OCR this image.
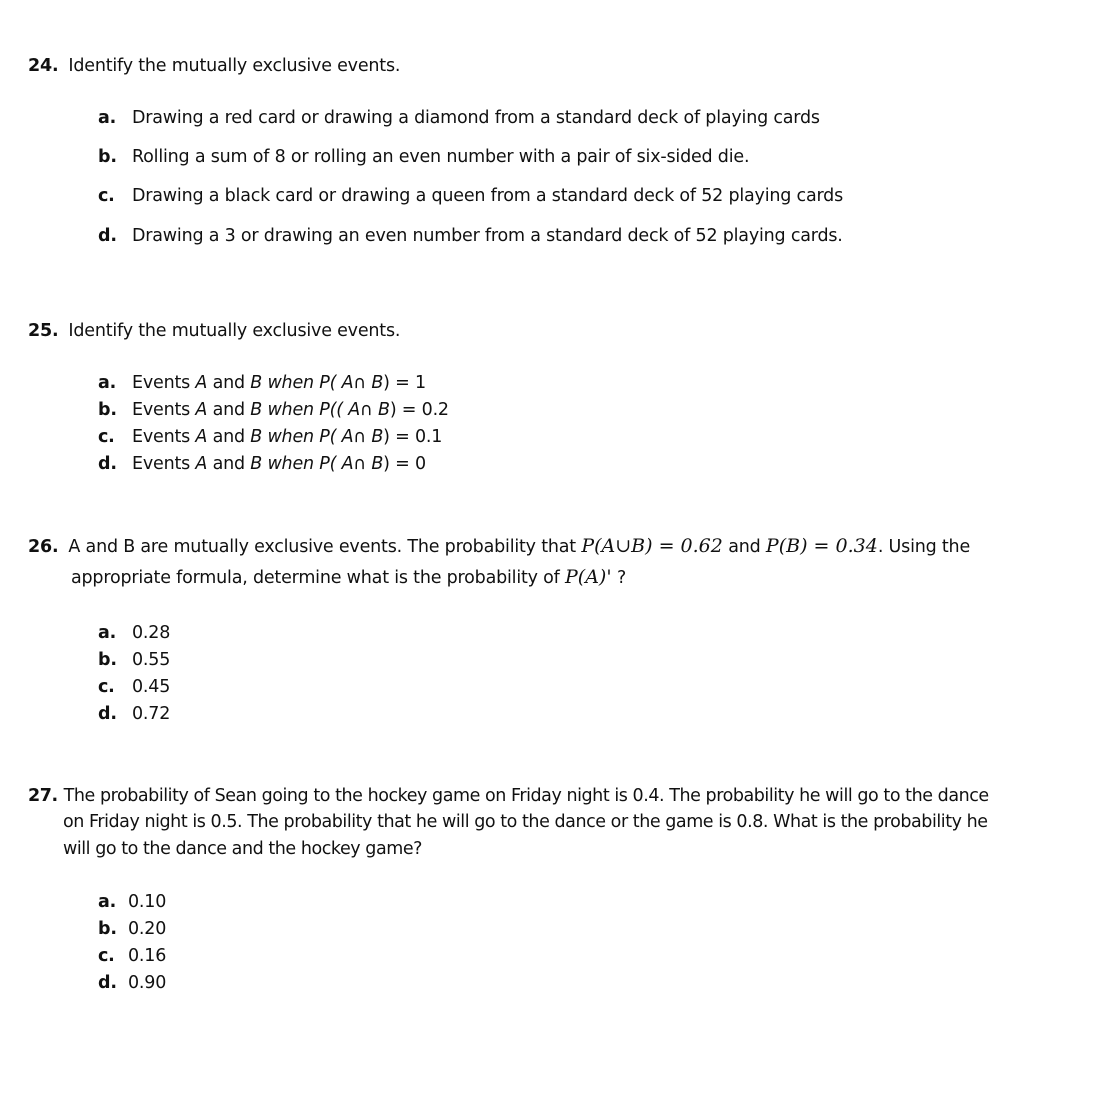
24. Identify the mutually exclusive events.
a. Drawing a red card or drawing a diamond from a standard deck of playing cards
b. Rolling a sum of 8 or rolling an even number with a pair of six-sided die.
c. Drawing a black card or drawing a queen from a standard deck of 52 playing cards
d. Drawing a 3 or drawing an even number from a standard deck of 52 playing cards.
25. Identify the mutually exclusive events.
a. Events A and B when P( A∩ B) = 1
b. Events A and B when P(( A∩ B) = 0.2
c. Events A and B when P( A∩ B) = 0.1
d. Events A and B when P( A∩ B) = 0
26. A and B are mutually exclusive events. The probability that P(A∪B) = 0.62 and P(B) = 0.34. Using the
appropriate formula, determine what is the probability of P(A)' ?
a. 0.28
b. 0.55
c. 0.45
d. 0.72
27. The probability of Sean going to the hockey game on Friday night is 0.4. The probability he will go to the dance
on Friday night is 0.5. The probability that he will go to the dance or the game is 0.8. What is the probability he
will go to the dance and the hockey game?
a. 0.10
b. 0.20
c. 0.16
d. 0.90
